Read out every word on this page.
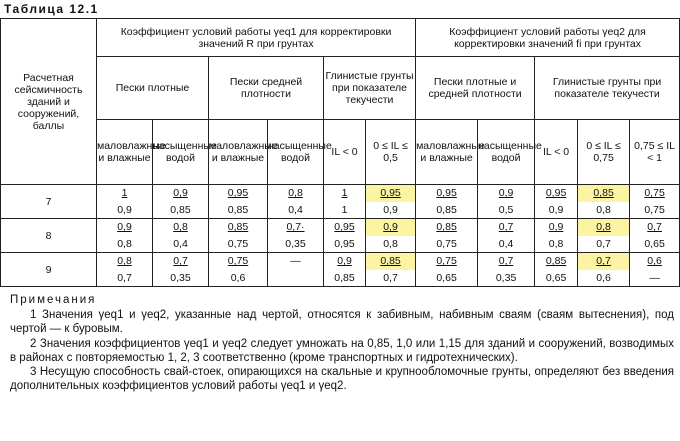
Таблица 12.1
Расчетная сейсмичность зданий и сооружений, баллы	Коэффициент условий работы γeq1 для корректировки значений R при грунтах						Коэффициент условий работы γeq2 для корректировки значений fi при грунтах				
	Пески плотные		Пески средней плотности		Глинистые грунты при показателе текучести		Пески плотные и средней плотности		Глинистые грунты при показателе текучести		
	маловлажные и влажные	насыщенные водой	маловлажные и влажные	насыщенные водой	IL < 0	0 ≤ IL ≤ 0,5	маловлажные и влажные	насыщенные водой	IL < 0	0 ≤ IL ≤ 0,75	0,75 ≤ IL < 1
7	1	0,9	0,95	0,8	1	0,95	0,95	0,9	0,95	0,85	0,75
	0,9	0,85	0,85	0,4	1	0,9	0,85	0,5	0,9	0,8	0,75
8	0,9	0,8	0,85	0,7·	0,95	0,9	0,85	0,7	0,9	0,8	0,7
	0,8	0,4	0,75	0,35	0,95	0,8	0,75	0,4	0,8	0,7	0,65
9	0,8	0,7	0,75	—	0,9	0,85	0,75	0,7	0,85	0,7	0,6
	0,7	0,35	0,6		0,85	0,7	0,65	0,35	0,65	0,6	—
Примечания

1 Значения γeq1 и γeq2, указанные над чертой, относятся к забивным, набивным сваям (сваям вытеснения), под чертой — к буровым.

2 Значения коэффициентов γeq1 и γeq2 следует умножать на 0,85, 1,0 или 1,15 для зданий и сооружений, возводимых в районах с повторяемостью 1, 2, 3 соответственно (кроме транспортных и гидротехнических).

3 Несущую способность свай-стоек, опирающихся на скальные и крупнообломочные грунты, определяют без введения дополнительных коэффициентов условий работы γeq1 и γeq2.
